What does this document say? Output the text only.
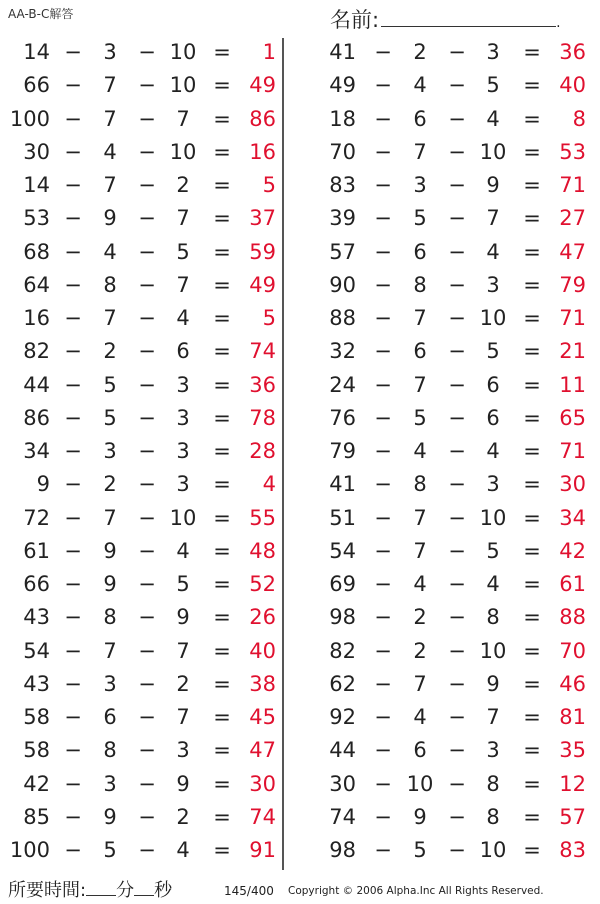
AA-B-C解答	名前:	.
14 −	3	− 10 =	1
66 −	7	− 10 = 49
100 −	7	− 7	= 86
30 −	4	− 10 = 16
14 −	7	− 2	=	5
53 −	9	− 7	= 37
68 −	4	− 5	= 59
64 −	8	− 7	= 49
16 −	7	− 4	=	5
82 −	2	− 6	= 74
44 −	5	− 3	= 36
86 −	5	− 3	= 78
34 −	3	− 3	= 28
9 −	2	− 3	=	4
72 −	7	− 10 = 55
61 −	9	− 4	= 48
66 −	9	− 5	= 52
43 −	8	− 9	= 26
54 −	7	− 7	= 40
43 −	3	− 2	= 38
58 −	6	− 7	= 45
58 −	8	− 3	= 47
42 −	3	− 9	= 30
85 −	9	− 2	= 74
100 −	5	− 4	= 91
41 −	2	− 3	= 36
49 −	4	− 5	= 40
18 −	6	− 4	=	8
70 −	7	− 10 = 53
83 −	3	− 9	= 71
39 −	5	− 7	= 27
57 −	6	− 4	= 47
90 −	8	− 3	= 79
88 −	7	− 10 = 71
32 −	6	− 5	= 21
24 −	7	− 6	= 11
76 −	5	− 6	= 65
79 −	4	− 4	= 71
41 −	8	− 3	= 30
51 −	7	− 10 = 34
54 −	7	− 5	= 42
69 −	4	− 4	= 61
98 −	2	− 8	= 88
82 −	2	− 10 = 70
62 −	7	− 9	= 46
92 −	4	− 7	= 81
44 −	6	− 3	= 35
30 − 10 − 8	= 12
74 −	9	− 8	= 57
98 −	5	− 10 = 83
所要時間: 分 秒	145/400 Copyright © 2006 Alpha.Inc All Rights Reserved.
